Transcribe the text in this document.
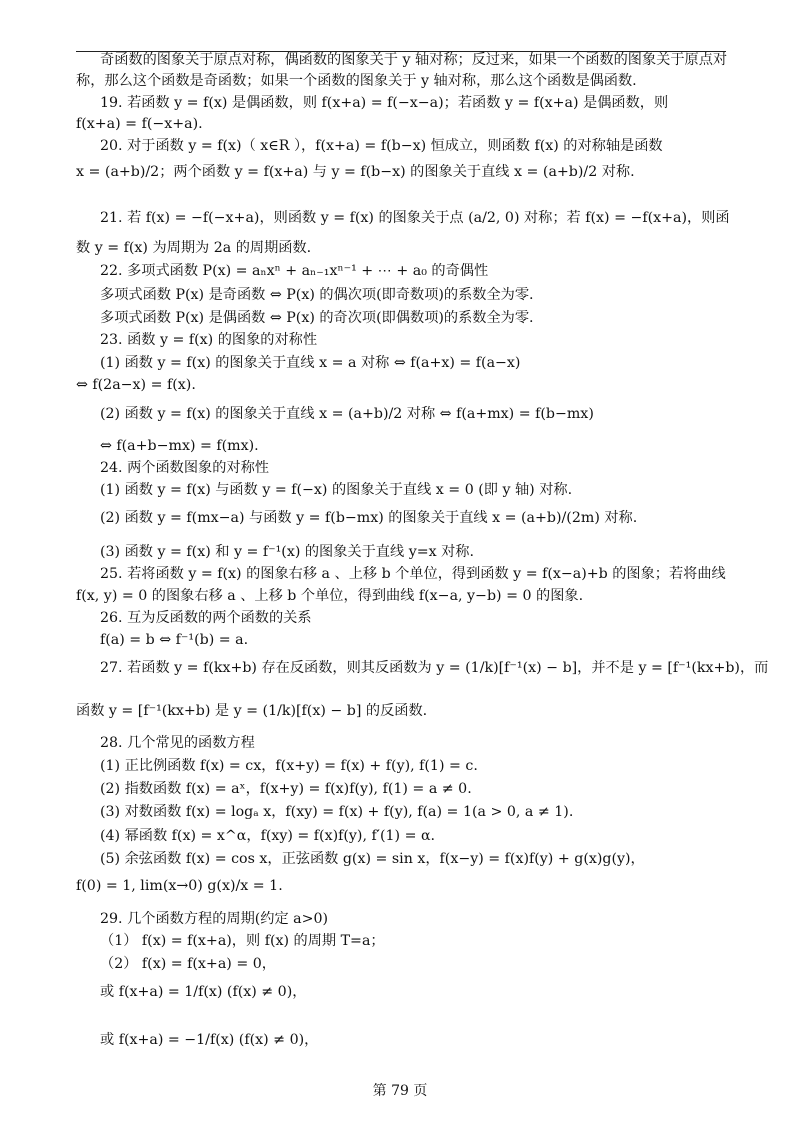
奇函数的图象关于原点对称，偶函数的图象关于 y 轴对称；反过来，如果一个函数的图象关于原点对
称，那么这个函数是奇函数；如果一个函数的图象关于 y 轴对称，那么这个函数是偶函数.
19. 若函数 y = f(x) 是偶函数，则 f(x+a) = f(−x−a)；若函数 y = f(x+a) 是偶函数，则
f(x+a) = f(−x+a).
20. 对于函数 y = f(x)（ x∈R ），f(x+a) = f(b−x) 恒成立，则函数 f(x) 的对称轴是函数
x = (a+b)/2；两个函数 y = f(x+a) 与 y = f(b−x) 的图象关于直线 x = (a+b)/2 对称.
21. 若 f(x) = −f(−x+a)，则函数 y = f(x) 的图象关于点 (a/2, 0) 对称；若 f(x) = −f(x+a)，则函
数 y = f(x) 为周期为 2a 的周期函数.
22. 多项式函数 P(x) = aₙxⁿ + aₙ₋₁xⁿ⁻¹ + ⋯ + a₀ 的奇偶性
多项式函数 P(x) 是奇函数 ⇔ P(x) 的偶次项(即奇数项)的系数全为零.
多项式函数 P(x) 是偶函数 ⇔ P(x) 的奇次项(即偶数项)的系数全为零.
23. 函数 y = f(x) 的图象的对称性
(1) 函数 y = f(x) 的图象关于直线 x = a 对称 ⇔ f(a+x) = f(a−x)
⇔ f(2a−x) = f(x).
(2) 函数 y = f(x) 的图象关于直线 x = (a+b)/2 对称 ⇔ f(a+mx) = f(b−mx)
⇔ f(a+b−mx) = f(mx).
24. 两个函数图象的对称性
(1) 函数 y = f(x) 与函数 y = f(−x) 的图象关于直线 x = 0 (即 y 轴) 对称.
(2) 函数 y = f(mx−a) 与函数 y = f(b−mx) 的图象关于直线 x = (a+b)/(2m) 对称.
(3) 函数 y = f(x) 和 y = f⁻¹(x) 的图象关于直线 y=x 对称.
25. 若将函数 y = f(x) 的图象右移 a 、上移 b 个单位，得到函数 y = f(x−a)+b 的图象；若将曲线
f(x, y) = 0 的图象右移 a 、上移 b 个单位，得到曲线 f(x−a, y−b) = 0 的图象.
26. 互为反函数的两个函数的关系
f(a) = b ⇔ f⁻¹(b) = a.
27. 若函数 y = f(kx+b) 存在反函数，则其反函数为 y = (1/k)[f⁻¹(x) − b]，并不是 y = [f⁻¹(kx+b)，而
函数 y = [f⁻¹(kx+b) 是 y = (1/k)[f(x) − b] 的反函数.
28. 几个常见的函数方程
(1) 正比例函数 f(x) = cx，f(x+y) = f(x) + f(y), f(1) = c.
(2) 指数函数 f(x) = aˣ，f(x+y) = f(x)f(y), f(1) = a ≠ 0.
(3) 对数函数 f(x) = logₐ x，f(xy) = f(x) + f(y), f(a) = 1(a > 0, a ≠ 1).
(4) 幂函数 f(x) = x^α，f(xy) = f(x)f(y), f′(1) = α.
(5) 余弦函数 f(x) = cos x，正弦函数 g(x) = sin x，f(x−y) = f(x)f(y) + g(x)g(y)，
f(0) = 1, lim(x→0) g(x)/x = 1.
29. 几个函数方程的周期(约定 a>0)
（1） f(x) = f(x+a)，则 f(x) 的周期 T=a；
（2） f(x) = f(x+a) = 0，
或 f(x+a) = 1/f(x) (f(x) ≠ 0)，
或 f(x+a) = −1/f(x) (f(x) ≠ 0)，
第 79 页
